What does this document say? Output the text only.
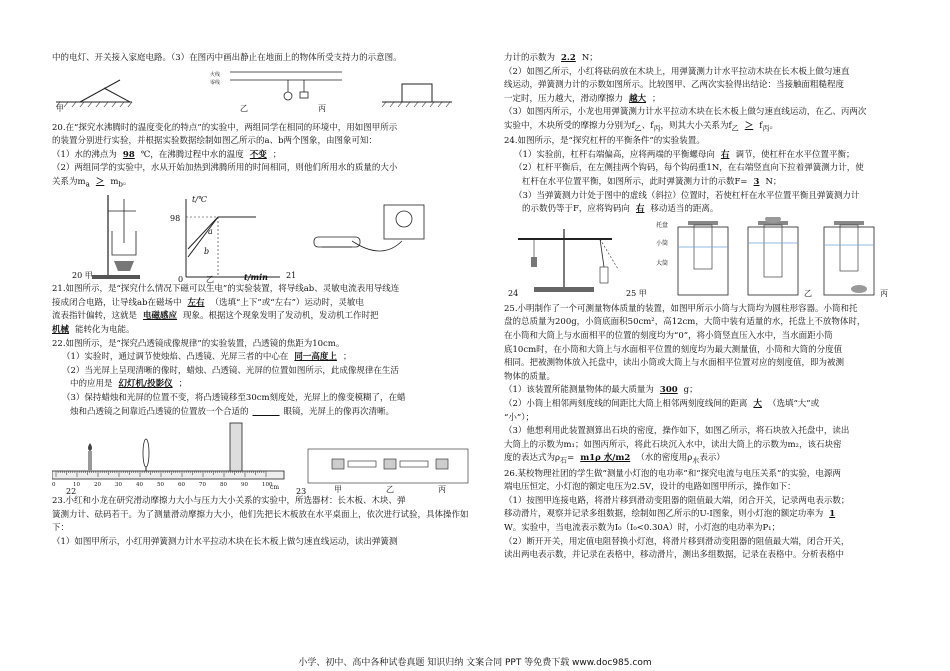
中的电灯、开关接入家庭电路。（3）在图丙中画出静止在地面上的物体所受支持力的示意图。

甲
火线
零线
乙	丙

20.在“探究水沸腾时的温度变化的特点”的实验中，两组同学在相同的环境中，用如图甲所示

的装置分别进行实验，并根据实验数据绘制如图乙所示的a、b两个图象，由图象可知：

（1）水的沸点为 98 ℃，在沸腾过程中水的温度 不变 ；

（2）两组同学的实验中，水从开始加热到沸腾所用的时间相同，则他们所用水的质量的大小

关系为$m_a > m_b$。

20 甲
t/℃
98
a
b
0	乙	t/min 21

21.如图所示，是“探究什么情况下磁可以生电”的实验装置，将导线ab、灵敏电流表用导线连

接成闭合电路，让导线ab在磁场中 左右 （选填“上下”或“左右”）运动时，灵敏电

流表指针偏转，这就是 电磁感应 现象。根据这个现象发明了发动机，发动机工作时把

机械 能转化为电能。

22.如图所示，是“探究凸透镜成像规律”的实验装置，凸透镜的焦距为10cm。

（1）实验时，通过调节使烛焰、凸透镜、光屏三者的中心在 同一高度上 ；

（2）当光屏上呈现清晰的像时，蜡烛、凸透镜、光屏的位置如图所示，此成像规律在生活

中的应用是 幻灯机/投影仪 ；

（3）保持蜡烛和光屏的位置不变，将凸透镜移至30cm刻度处，光屏上的像变模糊了，在蜡

烛和凸透镜之间靠近凸透镜的位置放一个合适的	眼镜，光屏上的像再次清晰。

0	10	20	30	40	50	60	70	80	90	100
cm
22	23	甲	乙	丙

23.小红和小龙在研究滑动摩擦力大小与压力大小关系的实验中，所选器材：长木板、木块、弹

簧测力计、砝码若干。为了测量滑动摩擦力大小，他们先把长木板放在水平桌面上，依次进行试验，具体操作如下：

（1）如图甲所示，小红用弹簧测力计水平拉动木块在长木板上做匀速直线运动，读出弹簧测

力计的示数为 2.2 N；

（2）如图乙所示，小红将砝码放在木块上，用弹簧测力计水平拉动木块在长木板上做匀速直

线运动，弹簧测力计的示数如图所示。比较图甲、乙两次实验得出结论：当接触面粗糙程度

一定时，压力越大，滑动摩擦力 越大 ；

（3）如图丙所示，小龙也用弹簧测力计水平拉动木块在长木板上做匀速直线运动，在乙、丙两次

实验中，木块所受的摩擦力分别为$f_乙$、$f_丙$，则其大小关系为$f_乙 > f_丙$。

24.如图所示，是“探究杠杆的平衡条件”的实验装置。

（1）实验前，杠杆右端偏高，应将两端的平衡螺母向 右 调节，使杠杆在水平位置平衡；

（2）杠杆平衡后，在左侧挂两个钩码，每个钩码重1N，在右端竖直向下拉着弹簧测力计，使

杠杆在水平位置平衡，如图所示，此时弹簧测力计的示数F= 3 N；

（3）当弹簧测力计处于图中的虚线（斜拉）位置时，若使杠杆在水平位置平衡且弹簧测力计

的示数仍等于F，应将钩码向 右 移动适当的距离。

24	25 甲
托盘
小筒
大筒
乙	丙

25.小明制作了一个可测量物体质量的装置，如图甲所示小筒与大筒均为圆柱形容器。小筒和托

盘的总质量为200g，小筒底面积50cm²，高12cm，大筒中装有适量的水，托盘上不放物体时，

在小筒和大筒上与水面相平的位置的刻度均为“0”，将小筒竖直压入水中，当水面距小筒

底10cm时，在小筒和大筒上与水面相平位置的刻度均为最大测量值，小筒和大筒的分度值

相同。把被测物体放入托盘中，读出小筒或大筒上与水面相平位置对应的刻度值，即为被测

物体的质量。

（1）该装置所能测量物体的最大质量为 300 g；

（2）小筒上相邻两刻度线的间距比大筒上相邻两刻度线间的距离 大 （选填“大”或

“小”）；

（3）他想利用此装置测算出石块的密度，操作如下，如图乙所示，将石块放入托盘中，读出

大筒上的示数为m₁；如图丙所示，将此石块沉入水中，读出大筒上的示数为m₂，该石块密

度的表达式为$\rho_石= m1\rho$ 水/m2 （水的密度用$\rho_水$表示）

26.某校物理社团的学生做“测量小灯泡的电功率”和“探究电流与电压关系”的实验，电源两

端电压恒定，小灯泡的额定电压为2.5V，设计的电路如图甲所示，操作如下：

（1）按图甲连接电路，将滑片移到滑动变阻器的阻值最大端，闭合开关，记录两电表示数；

移动滑片，观察并记录多组数据，绘制如图乙所示的U-I图象，则小灯泡的额定功率为 1

W。实验中，当电流表示数为I₀（I₀<0.30A）时，小灯泡的电功率为P₁；

（2）断开开关，用定值电阻替换小灯泡，将滑片移到滑动变阻器的阻值最大端，闭合开关，

读出两电表示数，并记录在表格中，移动滑片，测出多组数据，记录在表格中。分析表格中

小学、初中、高中各种试卷真题 知识归纳 文案合同 PPT 等免费下载 www.doc985.com
